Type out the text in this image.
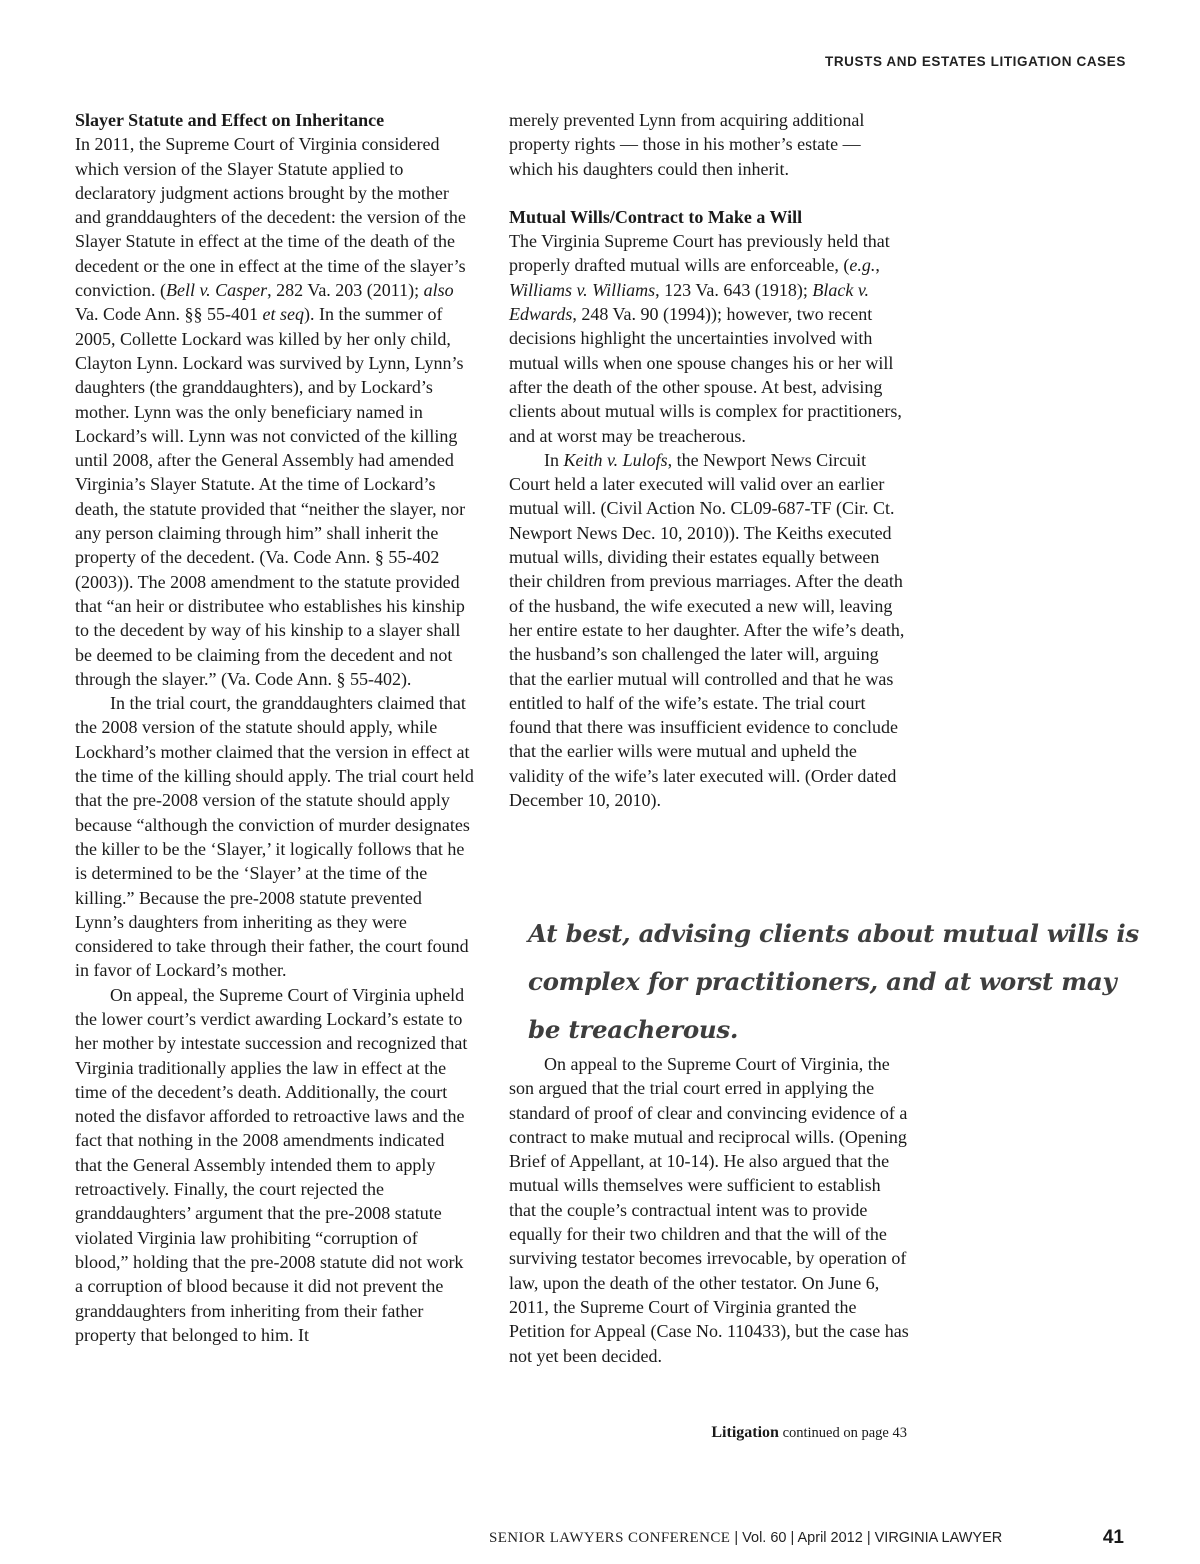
TRUSTS AND ESTATES LITIGATION CASES

Slayer Statute and Effect on Inheritance

In 2011, the Supreme Court of Virginia considered which version of the Slayer Statute applied to declaratory judgment actions brought by the mother and granddaughters of the decedent: the version of the Slayer Statute in effect at the time of the death of the decedent or the one in effect at the time of the slayer’s conviction. (Bell v. Casper, 282 Va. 203 (2011); also Va. Code Ann. §§ 55-401 et seq). In the summer of 2005, Collette Lockard was killed by her only child, Clayton Lynn. Lockard was survived by Lynn, Lynn’s daughters (the granddaughters), and by Lockard’s mother. Lynn was the only beneficiary named in Lockard’s will. Lynn was not convicted of the killing until 2008, after the General Assembly had amended Virginia’s Slayer Statute. At the time of Lockard’s death, the statute provided that “neither the slayer, nor any person claiming through him” shall inherit the property of the decedent. (Va. Code Ann. § 55-402 (2003)). The 2008 amendment to the statute provided that “an heir or distributee who establishes his kinship to the decedent by way of his kinship to a slayer shall be deemed to be claiming from the decedent and not through the slayer.” (Va. Code Ann. § 55-402).

In the trial court, the granddaughters claimed that the 2008 version of the statute should apply, while Lockhard’s mother claimed that the version in effect at the time of the killing should apply. The trial court held that the pre-2008 version of the statute should apply because “although the conviction of murder designates the killer to be the ‘Slayer,’ it logically follows that he is determined to be the ‘Slayer’ at the time of the killing.” Because the pre-2008 statute prevented Lynn’s daughters from inheriting as they were considered to take through their father, the court found in favor of Lockard’s mother.

On appeal, the Supreme Court of Virginia upheld the lower court’s verdict awarding Lockard’s estate to her mother by intestate succession and recognized that Virginia traditionally applies the law in effect at the time of the decedent’s death. Additionally, the court noted the disfavor afforded to retroactive laws and the fact that nothing in the 2008 amendments indicated that the General Assembly intended them to apply retroactively. Finally, the court rejected the granddaughters’ argument that the pre-2008 statute violated Virginia law prohibiting “corruption of blood,” holding that the pre-2008 statute did not work a corruption of blood because it did not prevent the granddaughters from inheriting from their father property that belonged to him. It

merely prevented Lynn from acquiring additional property rights — those in his mother’s estate — which his daughters could then inherit.

Mutual Wills/Contract to Make a Will

The Virginia Supreme Court has previously held that properly drafted mutual wills are enforceable, (e.g., Williams v. Williams, 123 Va. 643 (1918); Black v. Edwards, 248 Va. 90 (1994)); however, two recent decisions highlight the uncertainties involved with mutual wills when one spouse changes his or her will after the death of the other spouse. At best, advising clients about mutual wills is complex for practitioners, and at worst may be treacherous.

In Keith v. Lulofs, the Newport News Circuit Court held a later executed will valid over an earlier mutual will. (Civil Action No. CL09-687-TF (Cir. Ct. Newport News Dec. 10, 2010)). The Keiths executed mutual wills, dividing their estates equally between their children from previous marriages. After the death of the husband, the wife executed a new will, leaving her entire estate to her daughter. After the wife’s death, the husband’s son challenged the later will, arguing that the earlier mutual will controlled and that he was entitled to half of the wife’s estate. The trial court found that there was insufficient evidence to conclude that the earlier wills were mutual and upheld the validity of the wife’s later executed will. (Order dated December 10, 2010).

At best, advising clients about mutual wills is complex for practitioners, and at worst may be treacherous.

On appeal to the Supreme Court of Virginia, the son argued that the trial court erred in applying the standard of proof of clear and convincing evidence of a contract to make mutual and reciprocal wills. (Opening Brief of Appellant, at 10-14). He also argued that the mutual wills themselves were sufficient to establish that the couple’s contractual intent was to provide equally for their two children and that the will of the surviving testator becomes irrevocable, by operation of law, upon the death of the other testator. On June 6, 2011, the Supreme Court of Virginia granted the Petition for Appeal (Case No. 110433), but the case has not yet been decided.

Litigation continued on page 43
SENIOR LAWYERS CONFERENCE | Vol. 60 | April 2012 | VIRGINIA LAWYER	41
